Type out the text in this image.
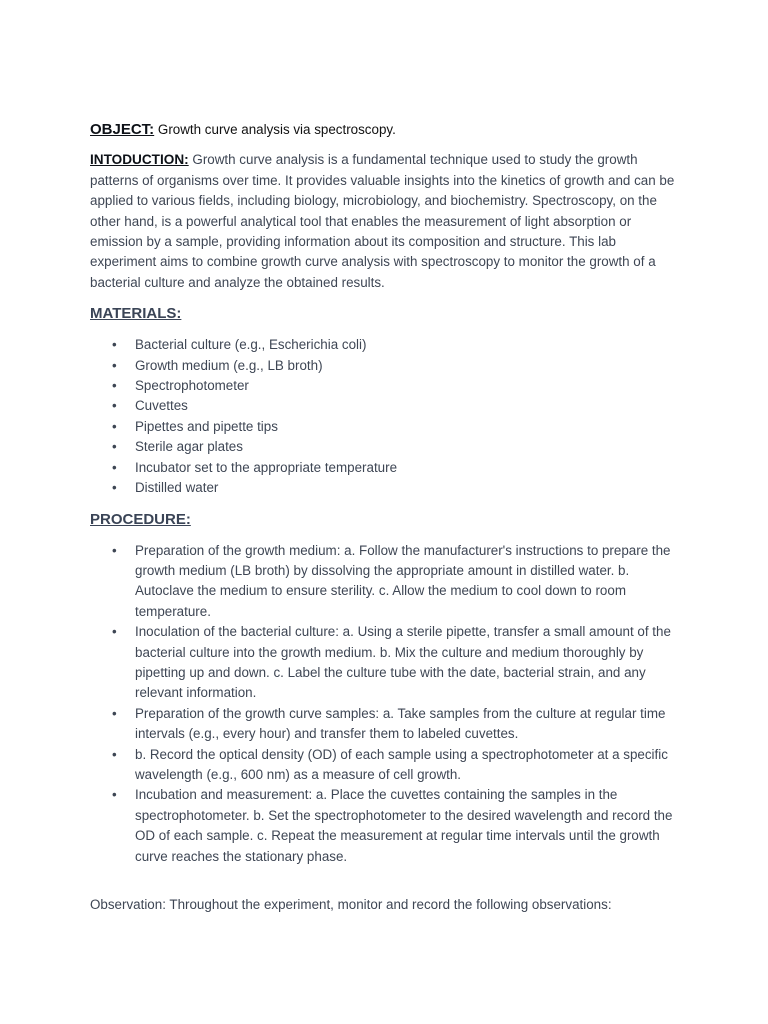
OBJECT: Growth curve analysis via spectroscopy.

INTODUCTION: Growth curve analysis is a fundamental technique used to study the growth patterns of organisms over time. It provides valuable insights into the kinetics of growth and can be applied to various fields, including biology, microbiology, and biochemistry. Spectroscopy, on the other hand, is a powerful analytical tool that enables the measurement of light absorption or emission by a sample, providing information about its composition and structure. This lab experiment aims to combine growth curve analysis with spectroscopy to monitor the growth of a bacterial culture and analyze the obtained results.

MATERIALS:
• Bacterial culture (e.g., Escherichia coli)
• Growth medium (e.g., LB broth)
• Spectrophotometer
• Cuvettes
• Pipettes and pipette tips
• Sterile agar plates
• Incubator set to the appropriate temperature
• Distilled water
PROCEDURE:
• Preparation of the growth medium: a. Follow the manufacturer's instructions to prepare the growth medium (LB broth) by dissolving the appropriate amount in distilled water. b. Autoclave the medium to ensure sterility. c. Allow the medium to cool down to room temperature.
• Inoculation of the bacterial culture: a. Using a sterile pipette, transfer a small amount of the bacterial culture into the growth medium. b. Mix the culture and medium thoroughly by pipetting up and down. c. Label the culture tube with the date, bacterial strain, and any relevant information.
• Preparation of the growth curve samples: a. Take samples from the culture at regular time intervals (e.g., every hour) and transfer them to labeled cuvettes.
• b. Record the optical density (OD) of each sample using a spectrophotometer at a specific wavelength (e.g., 600 nm) as a measure of cell growth.
• Incubation and measurement: a. Place the cuvettes containing the samples in the spectrophotometer. b. Set the spectrophotometer to the desired wavelength and record the OD of each sample. c. Repeat the measurement at regular time intervals until the growth curve reaches the stationary phase.

Observation: Throughout the experiment, monitor and record the following observations:
